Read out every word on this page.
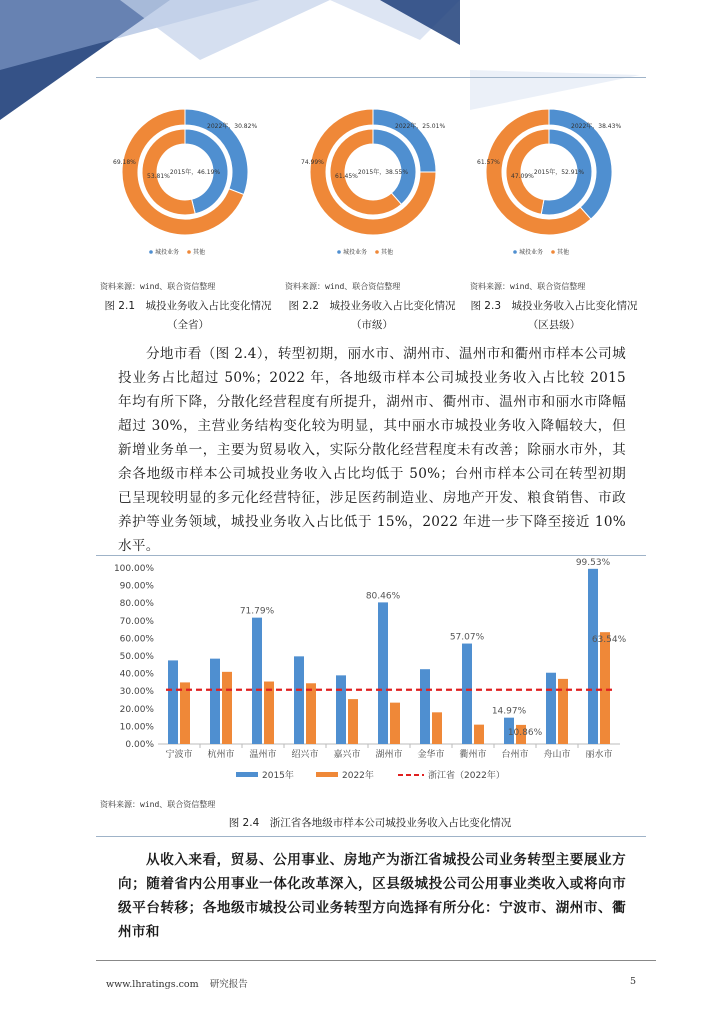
2022年，30.82%
2015年，46.19%
69.18%
53.81%
城投业务 其他
2022年，25.01%
2015年，38.55%
74.99%
61.45%
城投业务 其他
2022年，38.43%
2015年，52.91%
61.57%
47.09%
城投业务 其他
资料来源：wind、联合资信整理	资料来源：wind、联合资信整理	资料来源：wind、联合资信整理
图 2.1　城投业务收入占比变化情况（全省）
图 2.2　城投业务收入占比变化情况（市级）
图 2.3　城投业务收入占比变化情况（区县级）

分地市看（图 2.4），转型初期，丽水市、湖州市、温州市和衢州市样本公司城投业务占比超过 50%；2022 年，各地级市样本公司城投业务收入占比较 2015 年均有所下降，分散化经营程度有所提升，湖州市、衢州市、温州市和丽水市降幅超过 30%，主营业务结构变化较为明显，其中丽水市城投业务收入降幅较大，但新增业务单一，主要为贸易收入，实际分散化经营程度未有改善；除丽水市外，其余各地级市样本公司城投业务收入占比均低于 50%；台州市样本公司在转型初期已呈现较明显的多元化经营特征，涉足医药制造业、房地产开发、粮食销售、市政养护等业务领域，城投业务收入占比低于 15%，2022 年进一步下降至接近 10%水平。

0.00%
10.00%
20.00%
30.00%
40.00%
50.00%
60.00%
70.00%
80.00%
90.00%
100.00%
宁波市 杭州市 温州市 绍兴市 嘉兴市 湖州市 金华市 衢州市 台州市 舟山市 丽水市
71.79%
80.46%
57.07%
14.97%
10.86%
99.53%
63.54%
2015年	2022年	浙江省（2022年）
资料来源：wind、联合资信整理
图 2.4　浙江省各地级市样本公司城投业务收入占比变化情况

从收入来看，贸易、公用事业、房地产为浙江省城投公司业务转型主要展业方向；随着省内公用事业一体化改革深入，区县级城投公司公用事业类收入或将向市级平台转移；各地级市城投公司业务转型方向选择有所分化：宁波市、湖州市、衢州市和

www.lhratings.com 研究报告	5
